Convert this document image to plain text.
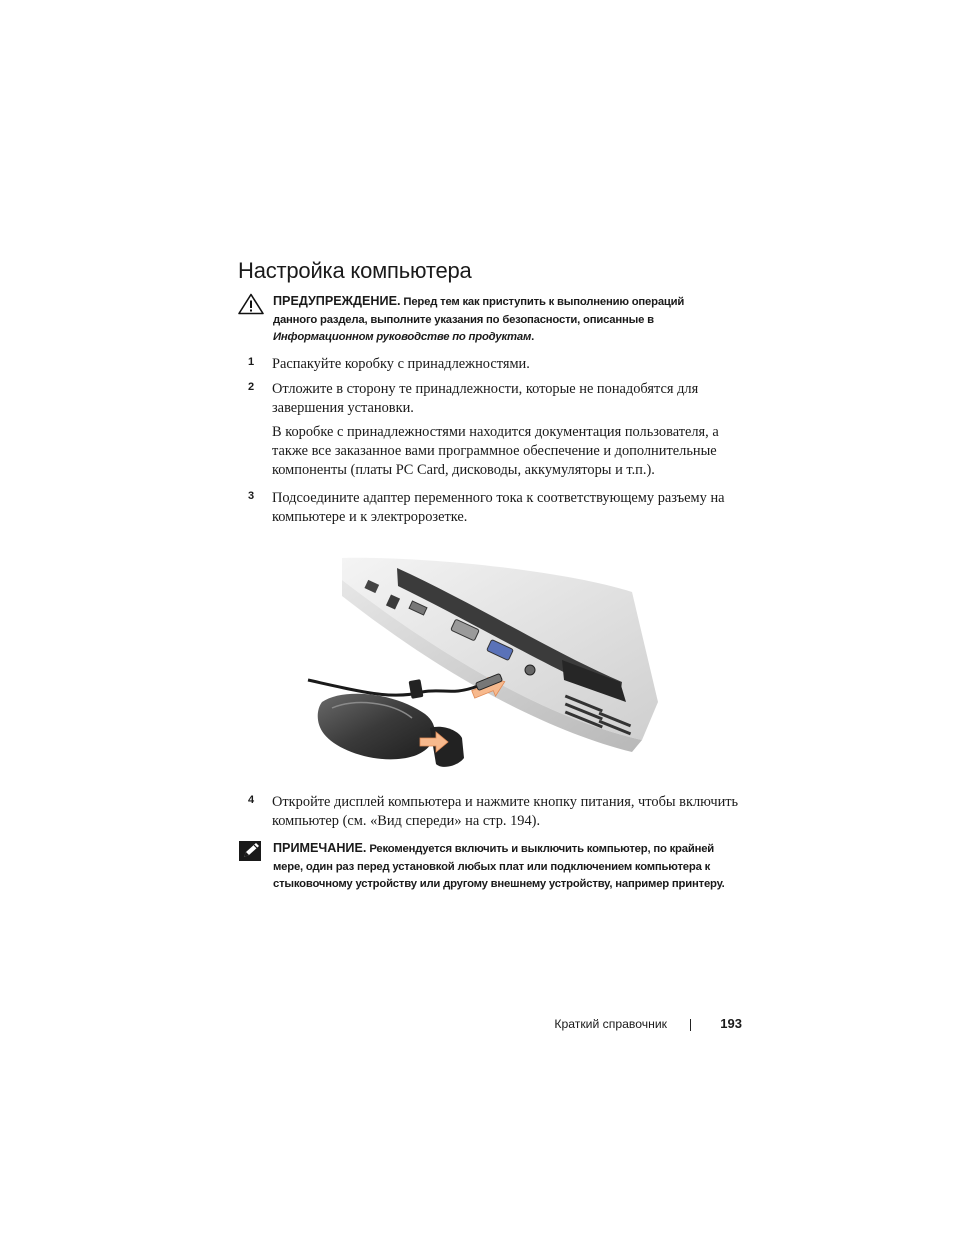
Настройка компьютера
ПРЕДУПРЕЖДЕНИЕ. Перед тем как приступить к выполнению операций данного раздела, выполните указания по безопасности, описанные в Информационном руководстве по продуктам.
1 Распакуйте коробку с принадлежностями.
2 Отложите в сторону те принадлежности, которые не понадобятся для завершения установки.
В коробке с принадлежностями находится документация пользователя, а также все заказанное вами программное обеспечение и дополнительные компоненты (платы PC Card, дисководы, аккумуляторы и т.п.).
3 Подсоедините адаптер переменного тока к соответствующему разъему на компьютере и к электророзетке.
4 Откройте дисплей компьютера и нажмите кнопку питания, чтобы включить компьютер (см. «Вид спереди» на стр. 194).
ПРИМЕЧАНИЕ. Рекомендуется включить и выключить компьютер, по крайней мере, один раз перед установкой любых плат или подключением компьютера к стыковочному устройству или другому внешнему устройству, например принтеру.
Краткий справочник	193
